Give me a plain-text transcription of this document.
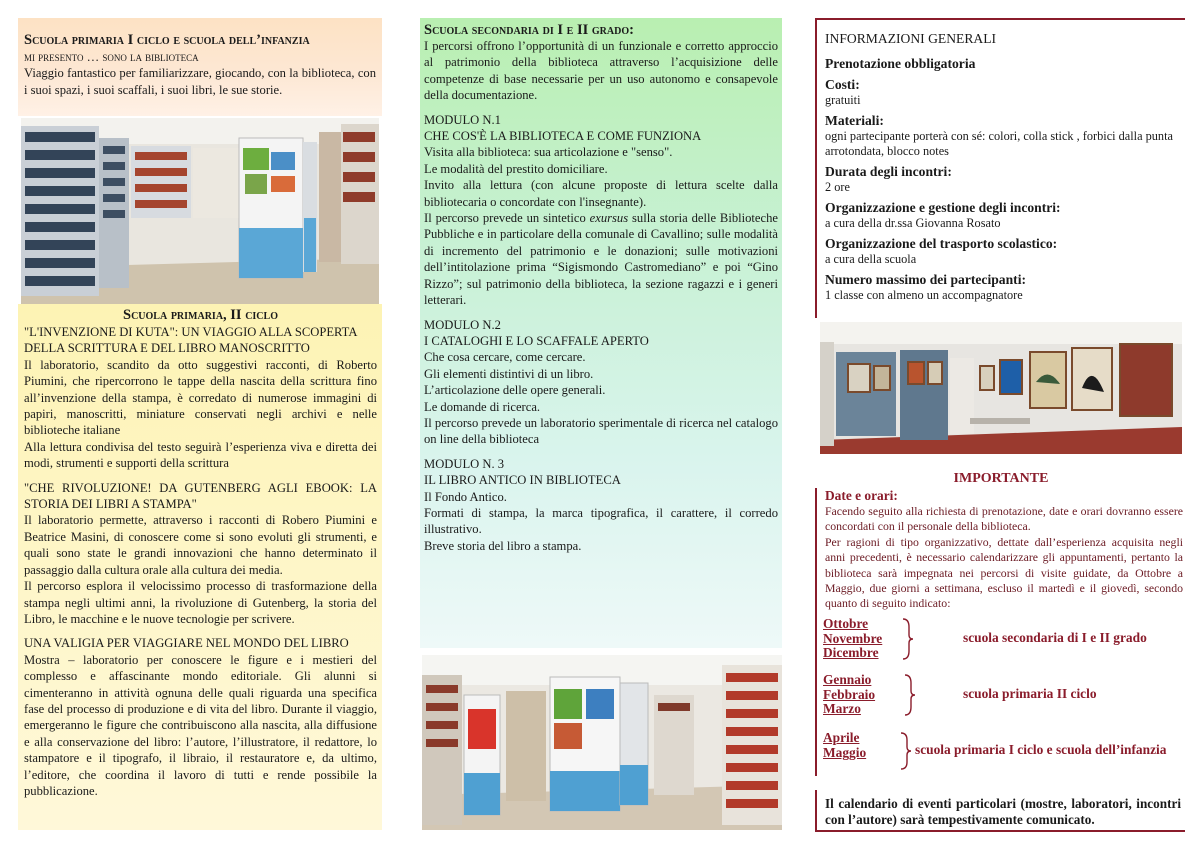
Scuola primaria I ciclo e scuola dell’infanzia

mi presento … sono la biblioteca

Viaggio fantastico per familiarizzare, giocando, con la biblioteca, con i suoi spazi, i suoi scaffali, i suoi libri, le sue storie.

Scuola primaria, II ciclo

"L'INVENZIONE DI KUTA": UN VIAGGIO ALLA SCOPERTA DELLA SCRITTURA E DEL LIBRO MANOSCRITTO

Il laboratorio, scandito da otto suggestivi racconti, di Roberto Piumini, che ripercorrono le tappe della nascita della scrittura fino all’invenzione della stampa, è corredato di numerose immagini di papiri, manoscritti, miniature conservati negli archivi e nelle biblioteche italiane

Alla lettura condivisa del testo seguirà l’esperienza viva e diretta dei modi, strumenti e supporti della scrittura

"CHE RIVOLUZIONE! DA GUTENBERG AGLI EBOOK: LA STORIA DEI LIBRI A STAMPA"

Il laboratorio permette, attraverso i racconti di Robero Piumini e Beatrice Masini, di conoscere come si sono evoluti gli strumenti, e quali sono state le grandi innovazioni che hanno determinato il passaggio dalla cultura orale alla cultura dei media.

Il percorso esplora il velocissimo processo di trasformazione della stampa negli ultimi anni, la rivoluzione di Gutenberg, la storia del Libro, le macchine e le nuove tecnologie per scrivere.

UNA VALIGIA PER VIAGGIARE NEL MONDO DEL LIBRO

Mostra – laboratorio per conoscere le figure e i mestieri del complesso e affascinante mondo editoriale. Gli alunni si cimenteranno in attività ognuna delle quali riguarda una specifica fase del processo di produzione e di vita del libro. Durante il viaggio, emergeranno le figure che contribuiscono alla nascita, alla diffusione e alla conservazione del libro: l’autore, l’illustratore, il redattore, lo stampatore e il tipografo, il libraio, il restauratore e, da ultimo, l’editore, che coordina il lavoro di tutti e rende possibile la pubblicazione.

Scuola secondaria di I e II grado:

I percorsi offrono l’opportunità di un funzionale e corretto approccio al patrimonio della biblioteca attraverso l’acquisizione delle competenze di base necessarie per un uso autonomo e consapevole della documentazione.

MODULO N.1

CHE COS'È LA BIBLIOTECA E COME FUNZIONA

Visita alla biblioteca: sua articolazione e "senso".

Le modalità del prestito domiciliare.

Invito alla lettura (con alcune proposte di lettura scelte dalla bibliotecaria o concordate con l'insegnante).

Il percorso prevede un sintetico exursus sulla storia delle Biblioteche Pubbliche e in particolare della comunale di Cavallino; sulle modalità di incremento del patrimonio e le donazioni; sulle motivazioni dell’intitolazione prima “Sigismondo Castromediano” e poi “Gino Rizzo”; sul patrimonio della biblioteca, la sezione ragazzi e i generi letterari.

MODULO N.2

I CATALOGHI E LO SCAFFALE APERTO

Che cosa cercare, come cercare.

Gli elementi distintivi di un libro.

L’articolazione delle opere generali.

Le domande di ricerca.

Il percorso prevede un laboratorio sperimentale di ricerca nel catalogo on line della biblioteca

MODULO N. 3

IL LIBRO ANTICO IN BIBLIOTECA

Il Fondo Antico.

Formati di stampa, la marca tipografica, il carattere, il corredo illustrativo.

Breve storia del libro a stampa.

INFORMAZIONI GENERALI

Prenotazione obbligatoria

Costi:

gratuiti

Materiali:

ogni partecipante porterà con sé: colori, colla stick , forbici dalla punta arrotondata, blocco notes

Durata degli incontri:

2 ore

Organizzazione e gestione degli incontri:

a cura della dr.ssa Giovanna Rosato

Organizzazione del trasporto scolastico:

a cura della scuola

Numero massimo dei partecipanti:

1 classe con almeno un accompagnatore

IMPORTANTE

Date e orari:

Facendo seguito alla richiesta di prenotazione, date e orari dovranno essere concordati con il personale della biblioteca.

Per ragioni di tipo organizzativo, dettate dall’esperienza acquisita negli anni precedenti, è necessario calendarizzare gli appuntamenti, pertanto la biblioteca sarà impegnata nei percorsi di visite guidate, da Ottobre a Maggio, due giorni a settimana, escluso il martedì e il giovedì, secondo quanto di seguito indicato:

Ottobre
Novembre
Dicembre
scuola secondaria di I e II grado
Gennaio
Febbraio
Marzo
scuola primaria II ciclo
Aprile
Maggio	scuola primaria I ciclo e scuola dell’infanzia
Il calendario di eventi particolari (mostre, laboratori, incontri con l’autore) sarà tempestivamente comunicato.
